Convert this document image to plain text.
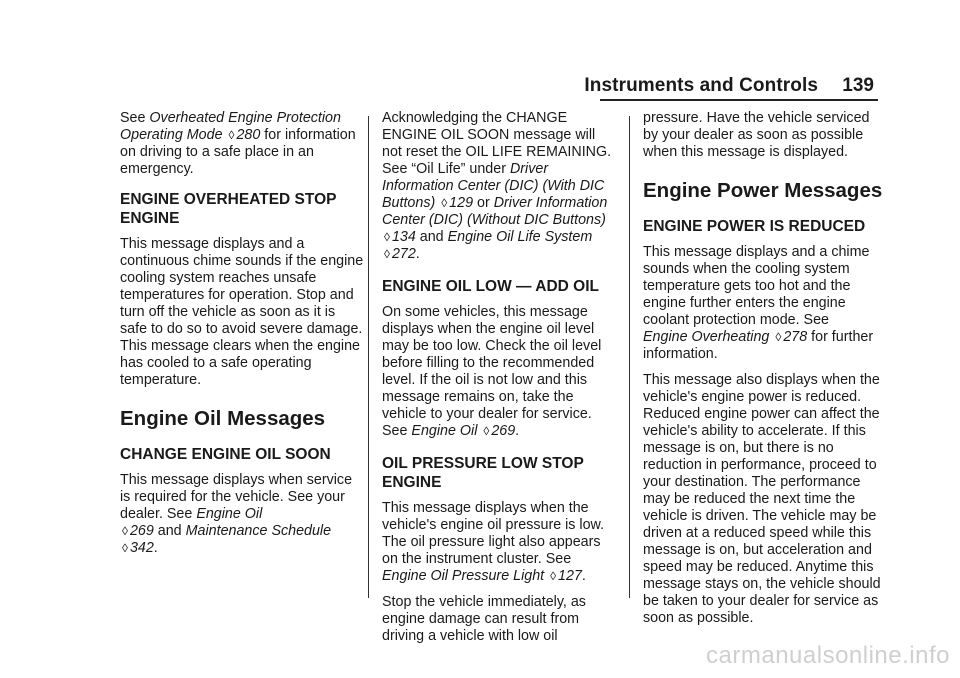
Instruments and Controls 139

See Overheated Engine Protection Operating Mode ◊ 280 for information on driving to a safe place in an emergency.

ENGINE OVERHEATED STOP ENGINE

This message displays and a continuous chime sounds if the engine cooling system reaches unsafe temperatures for operation. Stop and turn off the vehicle as soon as it is safe to do so to avoid severe damage. This message clears when the engine has cooled to a safe operating temperature.

Engine Oil Messages
CHANGE ENGINE OIL SOON

This message displays when service is required for the vehicle. See your dealer. See Engine Oil
◊ 269 and Maintenance Schedule
◊ 342.

Acknowledging the CHANGE ENGINE OIL SOON message will not reset the OIL LIFE REMAINING. See “Oil Life” under Driver Information Center (DIC) (With DIC Buttons) ◊ 129 or Driver Information Center (DIC) (Without DIC Buttons)
◊ 134 and Engine Oil Life System
◊ 272.

ENGINE OIL LOW — ADD OIL

On some vehicles, this message displays when the engine oil level may be too low. Check the oil level before filling to the recommended level. If the oil is not low and this message remains on, take the vehicle to your dealer for service. See Engine Oil ◊ 269.

OIL PRESSURE LOW STOP ENGINE

This message displays when the vehicle's engine oil pressure is low. The oil pressure light also appears on the instrument cluster. See Engine Oil Pressure Light ◊ 127.

Stop the vehicle immediately, as engine damage can result from driving a vehicle with low oil

pressure. Have the vehicle serviced by your dealer as soon as possible when this message is displayed.

Engine Power Messages
ENGINE POWER IS REDUCED

This message displays and a chime sounds when the cooling system temperature gets too hot and the engine further enters the engine coolant protection mode. See
Engine Overheating ◊ 278 for further information.

This message also displays when the vehicle's engine power is reduced. Reduced engine power can affect the vehicle's ability to accelerate. If this message is on, but there is no reduction in performance, proceed to your destination. The performance may be reduced the next time the vehicle is driven. The vehicle may be driven at a reduced speed while this message is on, but acceleration and speed may be reduced. Anytime this message stays on, the vehicle should be taken to your dealer for service as soon as possible.

carmanualsonline.info
